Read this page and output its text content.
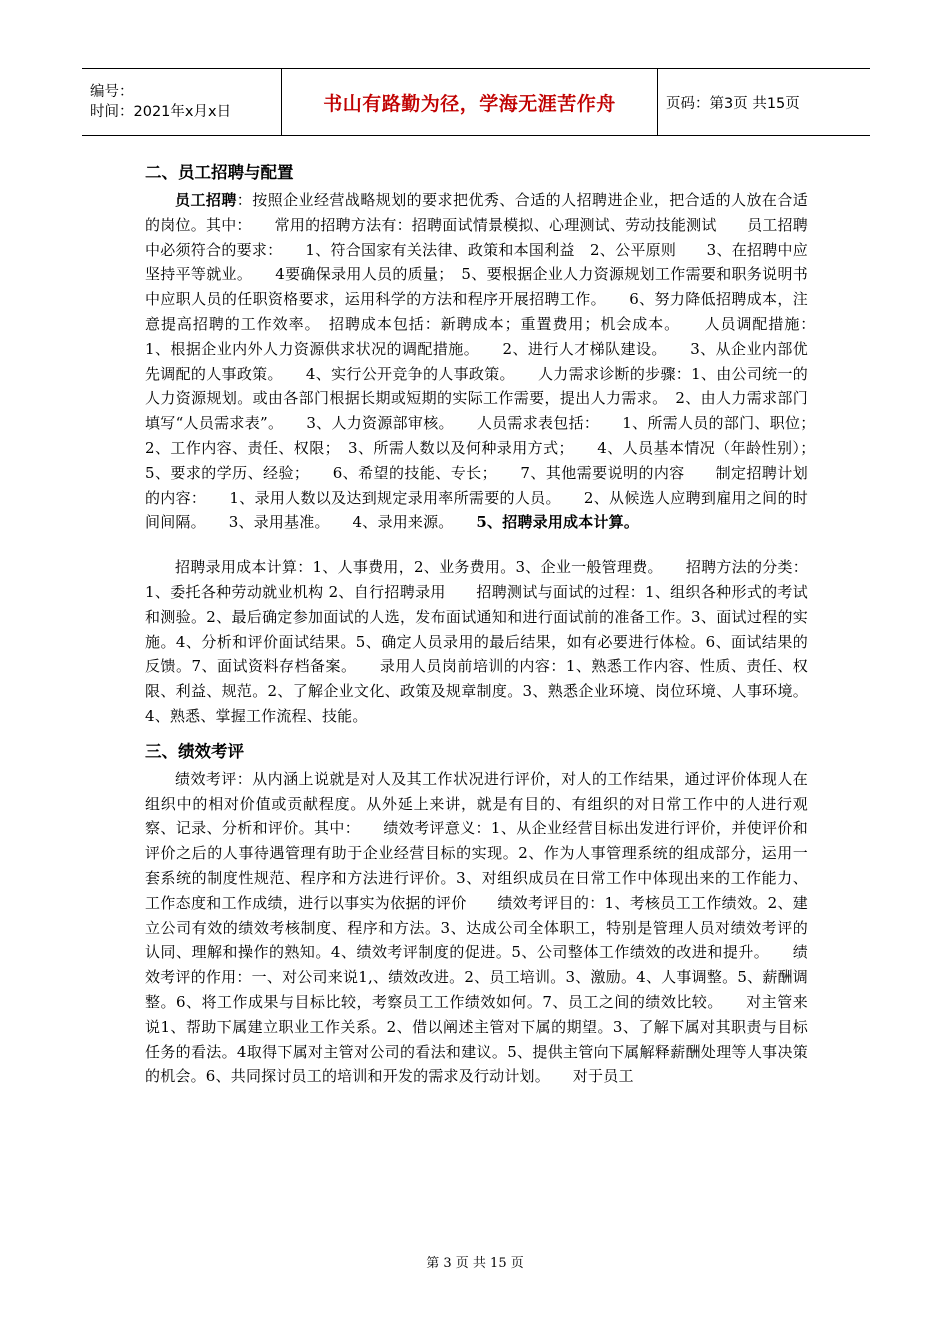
编号：
时间：2021年x月x日	书山有路勤为径，学海无涯苦作舟	页码：第3页 共15页
二、员工招聘与配置

员工招聘：按照企业经营战略规划的要求把优秀、合适的人招聘进企业，把合适的人放在合适的岗位。其中：　　常用的招聘方法有：招聘面试情景模拟、心理测试、劳动技能测试　　员工招聘中必须符合的要求：　　1、符合国家有关法律、政策和本国利益　2、公平原则　　3、在招聘中应坚持平等就业。　　4要确保录用人员的质量；　5、要根据企业人力资源规划工作需要和职务说明书中应职人员的任职资格要求，运用科学的方法和程序开展招聘工作。　　6、努力降低招聘成本，注意提高招聘的工作效率。　招聘成本包括：新聘成本；重置费用；机会成本。　　人员调配措施：　　1、根据企业内外人力资源供求状况的调配措施。　　2、进行人才梯队建设。　　3、从企业内部优先调配的人事政策。　　4、实行公开竞争的人事政策。　　人力需求诊断的步骤：1、由公司统一的人力资源规划。或由各部门根据长期或短期的实际工作需要，提出人力需求。　2、由人力需求部门填写“人员需求表”。　　3、人力资源部审核。　　人员需求表包括：　　1、所需人员的部门、职位；　　2、工作内容、责任、权限；　3、所需人数以及何种录用方式；　　4、人员基本情况（年龄性别）；　　5、要求的学历、经验；　　6、希望的技能、专长；　　7、其他需要说明的内容　　制定招聘计划的内容：　　1、录用人数以及达到规定录用率所需要的人员。　　2、从候选人应聘到雇用之间的时间间隔。　　3、录用基准。　　4、录用来源。　　5、招聘录用成本计算。

招聘录用成本计算：1、人事费用，2、业务费用。3、企业一般管理费。　　招聘方法的分类：1、委托各种劳动就业机构 2、自行招聘录用　　招聘测试与面试的过程：1、组织各种形式的考试和测验。2、最后确定参加面试的人选，发布面试通知和进行面试前的准备工作。3、面试过程的实施。4、分析和评价面试结果。5、确定人员录用的最后结果，如有必要进行体检。6、面试结果的反馈。7、面试资料存档备案。　　录用人员岗前培训的内容：1、熟悉工作内容、性质、责任、权限、利益、规范。2、了解企业文化、政策及规章制度。3、熟悉企业环境、岗位环境、人事环境。4、熟悉、掌握工作流程、技能。

三、绩效考评

绩效考评：从内涵上说就是对人及其工作状况进行评价，对人的工作结果，通过评价体现人在组织中的相对价值或贡献程度。从外延上来讲，就是有目的、有组织的对日常工作中的人进行观察、记录、分析和评价。其中：　　绩效考评意义：1、从企业经营目标出发进行评价，并使评价和评价之后的人事待遇管理有助于企业经营目标的实现。2、作为人事管理系统的组成部分，运用一套系统的制度性规范、程序和方法进行评价。3、对组织成员在日常工作中体现出来的工作能力、工作态度和工作成绩，进行以事实为依据的评价　　绩效考评目的：1、考核员工工作绩效。2、建立公司有效的绩效考核制度、程序和方法。3、达成公司全体职工，特别是管理人员对绩效考评的认同、理解和操作的熟知。4、绩效考评制度的促进。5、公司整体工作绩效的改进和提升。　　绩效考评的作用：一、对公司来说1,、绩效改进。2、员工培训。3、激励。4、人事调整。5、薪酬调整。6、将工作成果与目标比较，考察员工工作绩效如何。7、员工之间的绩效比较。　　对主管来说1、帮助下属建立职业工作关系。2、借以阐述主管对下属的期望。3、了解下属对其职责与目标任务的看法。4取得下属对主管对公司的看法和建议。5、提供主管向下属解释薪酬处理等人事决策的机会。6、共同探讨员工的培训和开发的需求及行动计划。　　对于员工

第 3 页 共 15 页
